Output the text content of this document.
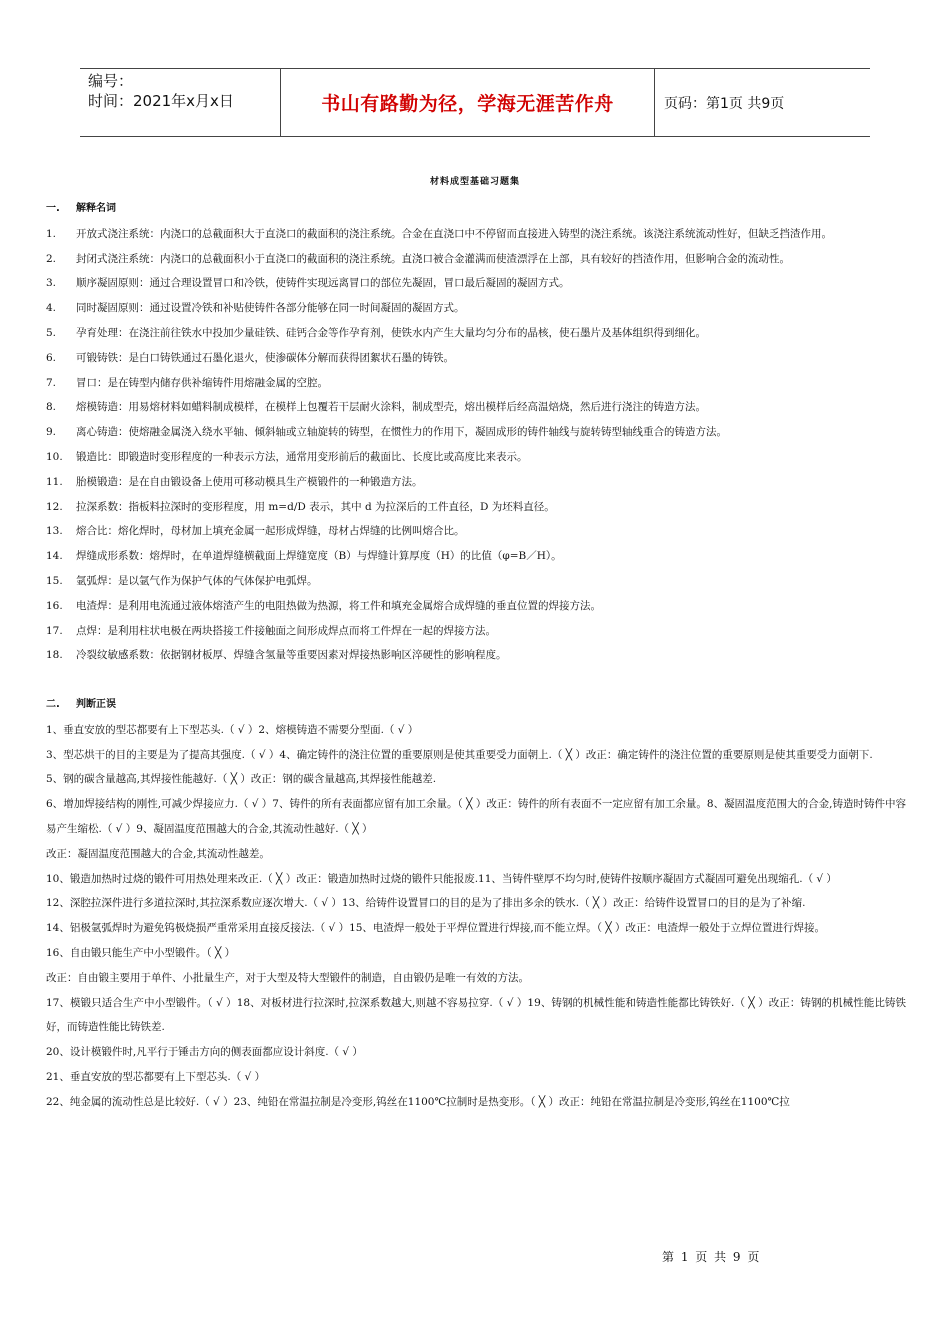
编号：
时间：2021年x月x日	书山有路勤为径，学海无涯苦作舟	页码：第1页 共9页
材料成型基础习题集
一. 解释名词
1.	开放式浇注系统：内浇口的总截面积大于直浇口的截面积的浇注系统。合金在直浇口中不停留而直接进入铸型的浇注系统。该浇注系统流动性好，但缺乏挡渣作用。
2.	封闭式浇注系统：内浇口的总截面积小于直浇口的截面积的浇注系统。直浇口被合金灌满而使渣漂浮在上部，具有较好的挡渣作用，但影响合金的流动性。
3.	顺序凝固原则：通过合理设置冒口和冷铁，使铸件实现远离冒口的部位先凝固，冒口最后凝固的凝固方式。
4.	同时凝固原则：通过设置冷铁和补贴使铸件各部分能够在同一时间凝固的凝固方式。
5.	孕育处理：在浇注前往铁水中投加少量硅铁、硅钙合金等作孕育剂，使铁水内产生大量均匀分布的晶核，使石墨片及基体组织得到细化。
6.	可锻铸铁：是白口铸铁通过石墨化退火，使渗碳体分解而获得团絮状石墨的铸铁。
7.	冒口：是在铸型内储存供补缩铸件用熔融金属的空腔。
8.	熔模铸造：用易熔材料如蜡料制成模样，在模样上包覆若干层耐火涂料，制成型壳，熔出模样后经高温焙烧，然后进行浇注的铸造方法。
9.	离心铸造：使熔融金属浇入绕水平轴、倾斜轴或立轴旋转的铸型，在惯性力的作用下，凝固成形的铸件轴线与旋转铸型轴线重合的铸造方法。
10.	锻造比：即锻造时变形程度的一种表示方法，通常用变形前后的截面比、长度比或高度比来表示。
11.	胎模锻造：是在自由锻设备上使用可移动模具生产模锻件的一种锻造方法。
12.	拉深系数：指板料拉深时的变形程度，用 m=d/D 表示，其中 d 为拉深后的工件直径，D 为坯料直径。
13.	熔合比：熔化焊时，母材加上填充金属一起形成焊缝，母材占焊缝的比例叫熔合比。
14.	焊缝成形系数：熔焊时，在单道焊缝横截面上焊缝宽度（B）与焊缝计算厚度（H）的比值（φ=B／H）。
15.	氩弧焊：是以氩气作为保护气体的气体保护电弧焊。
16.	电渣焊：是利用电流通过液体熔渣产生的电阻热做为热源，将工件和填充金属熔合成焊缝的垂直位置的焊接方法。
17.	点焊：是利用柱状电极在两块搭接工件接触面之间形成焊点而将工件焊在一起的焊接方法。
18.	冷裂纹敏感系数：依据钢材板厚、焊缝含氢量等重要因素对焊接热影响区淬硬性的影响程度。
二. 判断正误
1、垂直安放的型芯都要有上下型芯头.（ √ ）2、熔模铸造不需要分型面.（ √ ）
3、型芯烘干的目的主要是为了提高其强度.（ √ ）4、确定铸件的浇注位置的重要原则是使其重要受力面朝上.（ ╳ ）改正：确定铸件的浇注位置的重要原则是使其重要受力面朝下.
5、钢的碳含量越高,其焊接性能越好.（ ╳ ）改正：钢的碳含量越高,其焊接性能越差.
6、增加焊接结构的刚性,可减少焊接应力.（ √ ）7、铸件的所有表面都应留有加工余量。（ ╳ ）改正：铸件的所有表面不一定应留有加工余量。8、凝固温度范围大的合金,铸造时铸件中容易产生缩松.（ √ ）9、凝固温度范围越大的合金,其流动性越好.（ ╳ ）
改正：凝固温度范围越大的合金,其流动性越差。
10、锻造加热时过烧的锻件可用热处理来改正.（ ╳ ）改正：锻造加热时过烧的锻件只能报废.11、当铸件壁厚不均匀时,使铸件按顺序凝固方式凝固可避免出现缩孔.（ √ ）
12、深腔拉深件进行多道拉深时,其拉深系数应逐次增大.（ √ ）13、给铸件设置冒口的目的是为了排出多余的铁水.（ ╳ ）改正：给铸件设置冒口的目的是为了补缩.
14、铝极氩弧焊时为避免钨极烧损严重常采用直接反接法.（ √ ）15、电渣焊一般处于平焊位置进行焊接,而不能立焊。（ ╳ ）改正：电渣焊一般处于立焊位置进行焊接。
16、自由锻只能生产中小型锻件。（ ╳ ）
改正：自由锻主要用于单件、小批量生产，对于大型及特大型锻件的制造，自由锻仍是唯一有效的方法。
17、模锻只适合生产中小型锻件。（ √ ）18、对板材进行拉深时,拉深系数越大,则越不容易拉穿.（ √ ）19、铸钢的机械性能和铸造性能都比铸铁好.（ ╳ ）改正：铸钢的机械性能比铸铁好，而铸造性能比铸铁差.
20、设计模锻件时,凡平行于锤击方向的侧表面都应设计斜度.（ √ ）
21、垂直安放的型芯都要有上下型芯头.（ √ ）
22、纯金属的流动性总是比较好.（ √ ）23、纯铅在常温拉制是冷变形,钨丝在1100℃拉制时是热变形。（ ╳ ）改正：纯铅在常温拉制是冷变形,钨丝在1100℃拉
第 1 页 共 9 页
